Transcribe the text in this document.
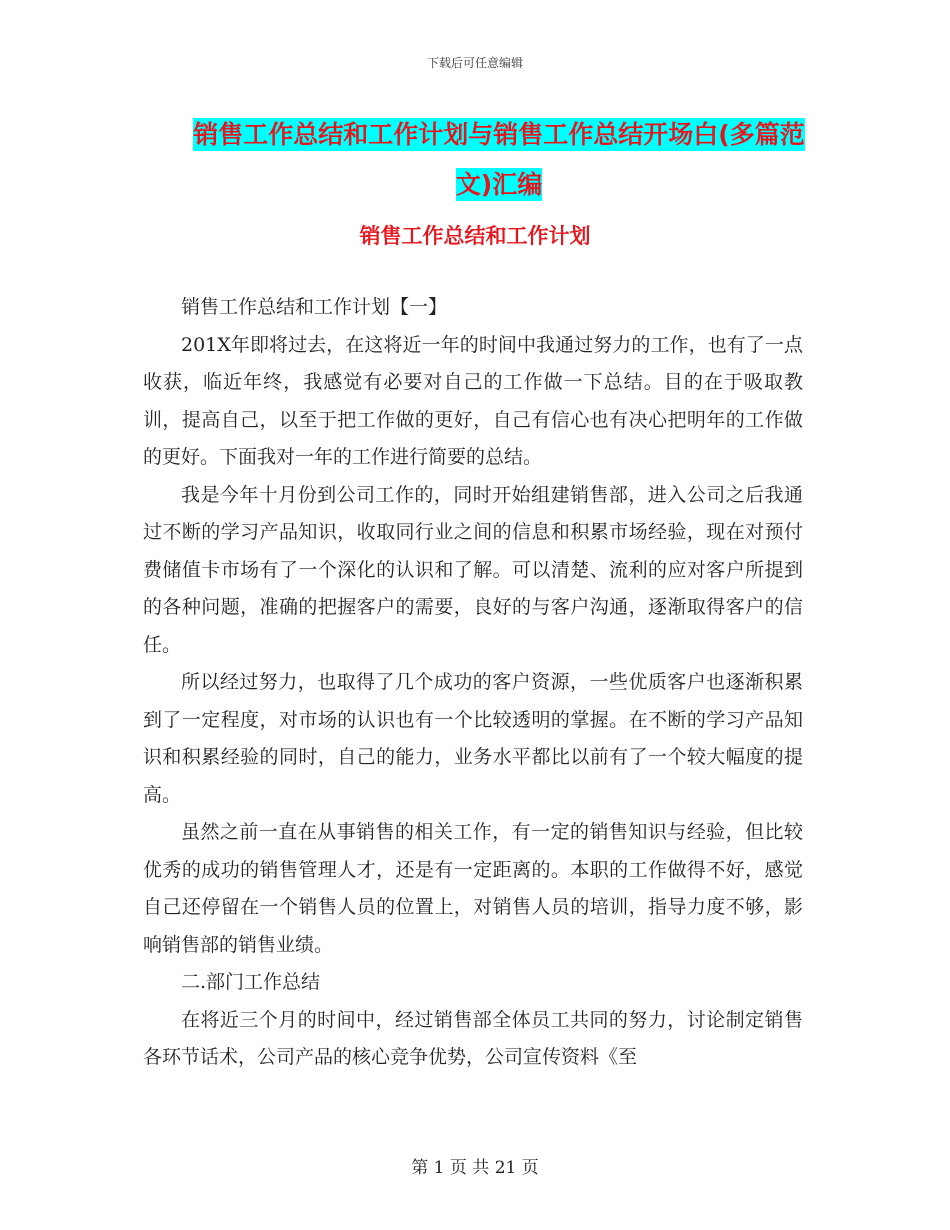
下载后可任意编辑
销售工作总结和工作计划与销售工作总结开场白(多篇范文)汇编
销售工作总结和工作计划

销售工作总结和工作计划【一】

201X年即将过去，在这将近一年的时间中我通过努力的工作，也有了一点收获，临近年终，我感觉有必要对自己的工作做一下总结。目的在于吸取教训，提高自己，以至于把工作做的更好，自己有信心也有决心把明年的工作做的更好。下面我对一年的工作进行简要的总结。

我是今年十月份到公司工作的，同时开始组建销售部，进入公司之后我通过不断的学习产品知识，收取同行业之间的信息和积累市场经验，现在对预付费储值卡市场有了一个深化的认识和了解。可以清楚、流利的应对客户所提到的各种问题，准确的把握客户的需要，良好的与客户沟通，逐渐取得客户的信任。

所以经过努力，也取得了几个成功的客户资源，一些优质客户也逐渐积累到了一定程度，对市场的认识也有一个比较透明的掌握。在不断的学习产品知识和积累经验的同时，自己的能力，业务水平都比以前有了一个较大幅度的提高。

虽然之前一直在从事销售的相关工作，有一定的销售知识与经验，但比较优秀的成功的销售管理人才，还是有一定距离的。本职的工作做得不好，感觉自己还停留在一个销售人员的位置上，对销售人员的培训，指导力度不够，影响销售部的销售业绩。

二.部门工作总结

在将近三个月的时间中，经过销售部全体员工共同的努力，讨论制定销售各环节话术，公司产品的核心竞争优势，公司宣传资料《至

第 1 页 共 21 页
